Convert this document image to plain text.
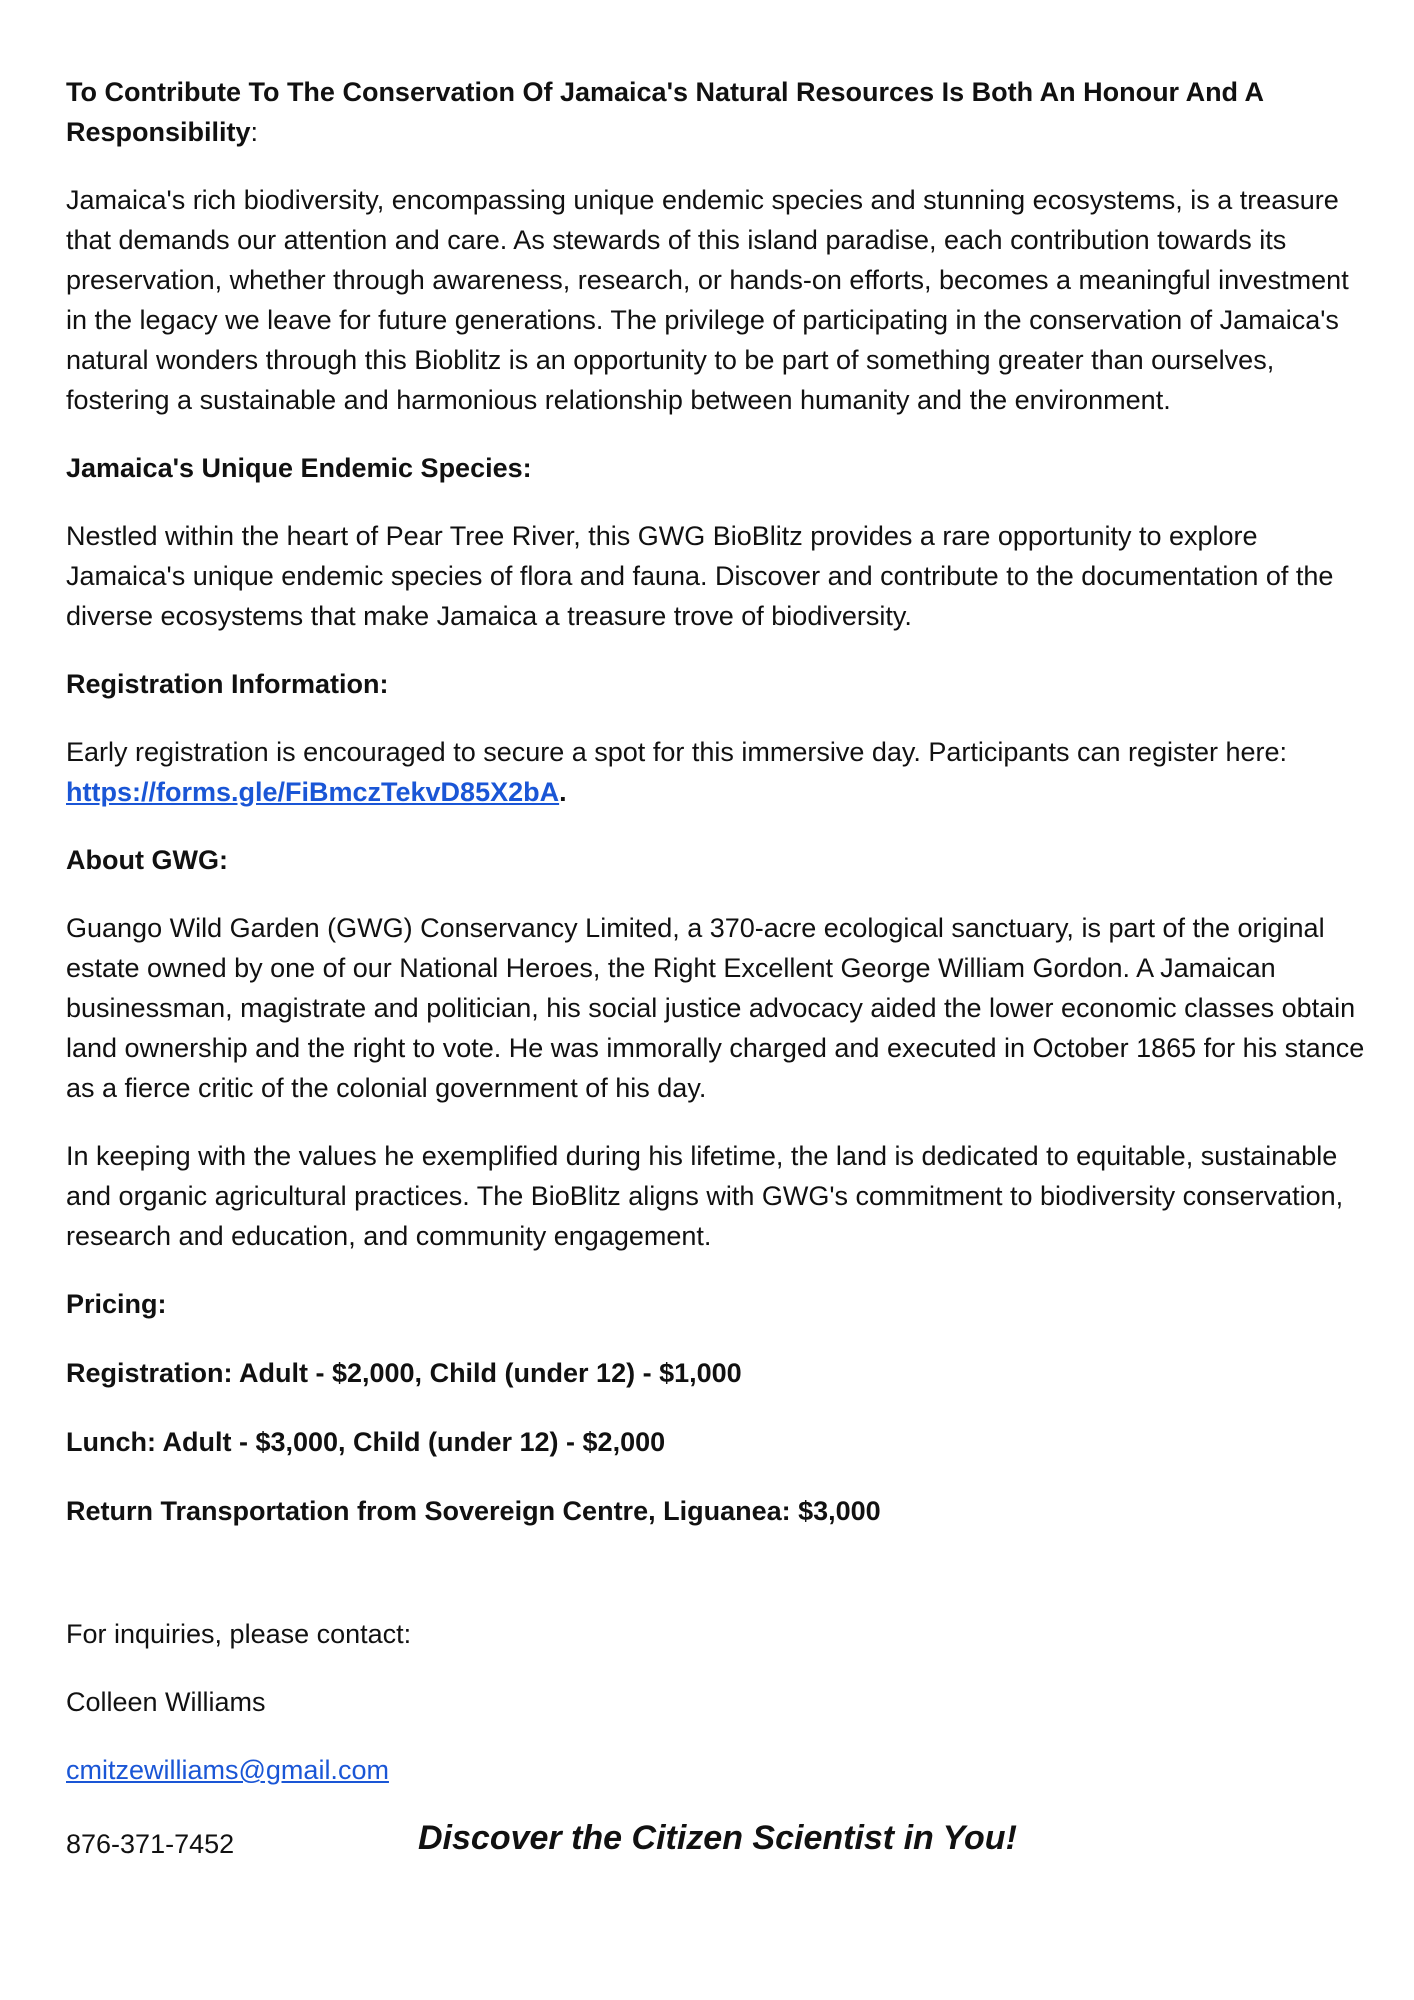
To Contribute To The Conservation Of Jamaica's Natural Resources Is Both An Honour And A Responsibility:

Jamaica's rich biodiversity, encompassing unique endemic species and stunning ecosystems, is a treasure that demands our attention and care. As stewards of this island paradise, each contribution towards its preservation, whether through awareness, research, or hands-on efforts, becomes a meaningful investment in the legacy we leave for future generations. The privilege of participating in the conservation of Jamaica's natural wonders through this Bioblitz is an opportunity to be part of something greater than ourselves, fostering a sustainable and harmonious relationship between humanity and the environment.

Jamaica's Unique Endemic Species:

Nestled within the heart of Pear Tree River, this GWG BioBlitz provides a rare opportunity to explore Jamaica's unique endemic species of flora and fauna. Discover and contribute to the documentation of the diverse ecosystems that make Jamaica a treasure trove of biodiversity.

Registration Information:

Early registration is encouraged to secure a spot for this immersive day. Participants can register here: https://forms.gle/FiBmczTekvD85X2bA.

About GWG:

Guango Wild Garden (GWG) Conservancy Limited, a 370-acre ecological sanctuary, is part of the original estate owned by one of our National Heroes, the Right Excellent George William Gordon. A Jamaican businessman, magistrate and politician, his social justice advocacy aided the lower economic classes obtain land ownership and the right to vote. He was immorally charged and executed in October 1865 for his stance as a fierce critic of the colonial government of his day.

In keeping with the values he exemplified during his lifetime, the land is dedicated to equitable, sustainable and organic agricultural practices. The BioBlitz aligns with GWG's commitment to biodiversity conservation, research and education, and community engagement.

Pricing:

Registration: Adult - $2,000, Child (under 12) - $1,000

Lunch: Adult - $3,000, Child (under 12) - $2,000

Return Transportation from Sovereign Centre, Liguanea: $3,000

For inquiries, please contact:

Colleen Williams

cmitzewilliams@gmail.com

876-371-7452	Discover the Citizen Scientist in You!
